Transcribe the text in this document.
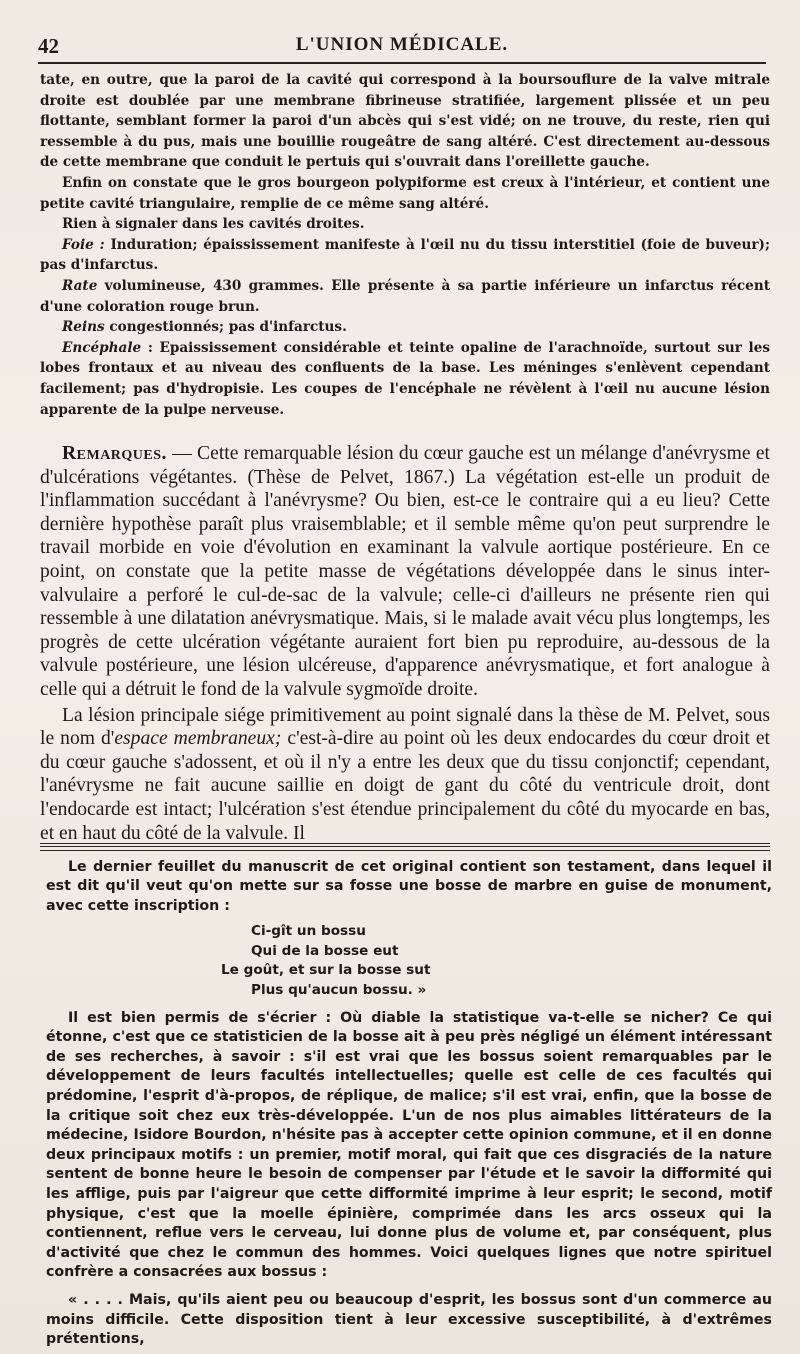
42	L'UNION MÉDICALE.

tate, en outre, que la paroi de la cavité qui correspond à la boursouflure de la valve mitrale droite est doublée par une membrane fibrineuse stratifiée, largement plissée et un peu flottante, semblant former la paroi d'un abcès qui s'est vidé; on ne trouve, du reste, rien qui ressemble à du pus, mais une bouillie rougeâtre de sang altéré. C'est directement au-dessous de cette membrane que conduit le pertuis qui s'ouvrait dans l'oreillette gauche.

Enfin on constate que le gros bourgeon polypiforme est creux à l'intérieur, et contient une petite cavité triangulaire, remplie de ce même sang altéré.

Rien à signaler dans les cavités droites.

Foie : Induration; épaississement manifeste à l'œil nu du tissu interstitiel (foie de buveur); pas d'infarctus.

Rate volumineuse, 430 grammes. Elle présente à sa partie inférieure un infarctus récent d'une coloration rouge brun.

Reins congestionnés; pas d'infarctus.

Encéphale : Epaississement considérable et teinte opaline de l'arachnoïde, surtout sur les lobes frontaux et au niveau des confluents de la base. Les méninges s'enlèvent cependant facilement; pas d'hydropisie. Les coupes de l'encéphale ne révèlent à l'œil nu aucune lésion apparente de la pulpe nerveuse.

Remarques. — Cette remarquable lésion du cœur gauche est un mélange d'anévrysme et d'ulcérations végétantes. (Thèse de Pelvet, 1867.) La végétation est-elle un produit de l'inflammation succédant à l'anévrysme? Ou bien, est-ce le contraire qui a eu lieu? Cette dernière hypothèse paraît plus vraisemblable; et il semble même qu'on peut surprendre le travail morbide en voie d'évolution en examinant la valvule aortique postérieure. En ce point, on constate que la petite masse de végétations développée dans le sinus inter-valvulaire a perforé le cul-de-sac de la valvule; celle-ci d'ailleurs ne présente rien qui ressemble à une dilatation anévrysmatique. Mais, si le malade avait vécu plus longtemps, les progrès de cette ulcération végétante auraient fort bien pu reproduire, au-dessous de la valvule postérieure, une lésion ulcéreuse, d'apparence anévrysmatique, et fort analogue à celle qui a détruit le fond de la valvule sygmoïde droite.

La lésion principale siége primitivement au point signalé dans la thèse de M. Pelvet, sous le nom d'espace membraneux; c'est-à-dire au point où les deux endocardes du cœur droit et du cœur gauche s'adossent, et où il n'y a entre les deux que du tissu conjonctif; cependant, l'anévrysme ne fait aucune saillie en doigt de gant du côté du ventricule droit, dont l'endocarde est intact; l'ulcération s'est étendue principalement du côté du myocarde en bas, et en haut du côté de la valvule. Il

Le dernier feuillet du manuscrit de cet original contient son testament, dans lequel il est dit qu'il veut qu'on mette sur sa fosse une bosse de marbre en guise de monument, avec cette inscription :

Ci-gît un bossu
Qui de la bosse eut
Le goût, et sur la bosse sut
Plus qu'aucun bossu. »

Il est bien permis de s'écrier : Où diable la statistique va-t-elle se nicher? Ce qui étonne, c'est que ce statisticien de la bosse ait à peu près négligé un élément intéressant de ses recherches, à savoir : s'il est vrai que les bossus soient remarquables par le développement de leurs facultés intellectuelles; quelle est celle de ces facultés qui prédomine, l'esprit d'à-propos, de réplique, de malice; s'il est vrai, enfin, que la bosse de la critique soit chez eux très-développée. L'un de nos plus aimables littérateurs de la médecine, Isidore Bourdon, n'hésite pas à accepter cette opinion commune, et il en donne deux principaux motifs : un premier, motif moral, qui fait que ces disgraciés de la nature sentent de bonne heure le besoin de compenser par l'étude et le savoir la difformité qui les afflige, puis par l'aigreur que cette difformité imprime à leur esprit; le second, motif physique, c'est que la moelle épinière, comprimée dans les arcs osseux qui la contiennent, reflue vers le cerveau, lui donne plus de volume et, par conséquent, plus d'activité que chez le commun des hommes. Voici quelques lignes que notre spirituel confrère a consacrées aux bossus :

« . . . . Mais, qu'ils aient peu ou beaucoup d'esprit, les bossus sont d'un commerce au moins difficile. Cette disposition tient à leur excessive susceptibilité, à d'extrêmes prétentions,
